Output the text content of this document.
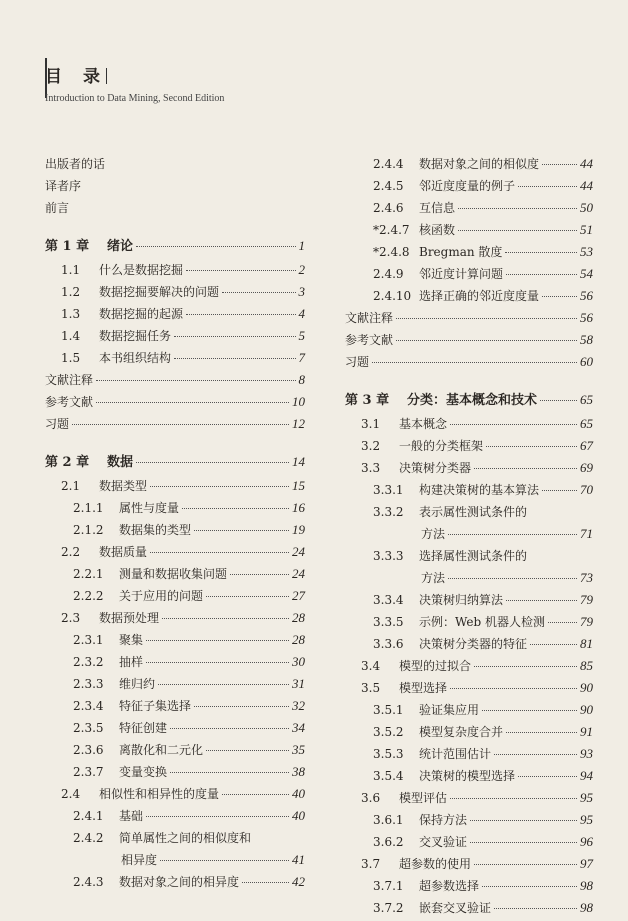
目　录
Introduction to Data Mining, Second Edition
出版者的话
译者序
前言
第 1 章 绪论	1
1.1 什么是数据挖掘	2
1.2 数据挖掘要解决的问题	3
1.3 数据挖掘的起源	4
1.4 数据挖掘任务	5
1.5 本书组织结构	7
文献注释	8
参考文献	10
习题	12
第 2 章 数据	14
2.1 数据类型	15
2.1.1 属性与度量	16
2.1.2 数据集的类型	19
2.2 数据质量	24
2.2.1 测量和数据收集问题	24
2.2.2 关于应用的问题	27
2.3 数据预处理	28
2.3.1 聚集	28
2.3.2 抽样	30
2.3.3 维归约	31
2.3.4 特征子集选择	32
2.3.5 特征创建	34
2.3.6 离散化和二元化	35
2.3.7 变量变换	38
2.4 相似性和相异性的度量	40
2.4.1 基础	40
2.4.2 简单属性之间的相似度和
相异度	41
2.4.3 数据对象之间的相异度	42
2.4.4 数据对象之间的相似度	44
2.4.5 邻近度度量的例子	44
2.4.6 互信息	50
*2.4.7 核函数	51
*2.4.8 Bregman 散度	53
2.4.9 邻近度计算问题	54
2.4.10 选择正确的邻近度度量	56
文献注释	56
参考文献	58
习题	60
第 3 章 分类：基本概念和技术	65
3.1 基本概念	65
3.2 一般的分类框架	67
3.3 决策树分类器	69
3.3.1 构建决策树的基本算法	70
3.3.2 表示属性测试条件的
方法	71
3.3.3 选择属性测试条件的
方法	73
3.3.4 决策树归纳算法	79
3.3.5 示例：Web 机器人检测	79
3.3.6 决策树分类器的特征	81
3.4 模型的过拟合	85
3.5 模型选择	90
3.5.1 验证集应用	90
3.5.2 模型复杂度合并	91
3.5.3 统计范围估计	93
3.5.4 决策树的模型选择	94
3.6 模型评估	95
3.6.1 保持方法	95
3.6.2 交叉验证	96
3.7 超参数的使用	97
3.7.1 超参数选择	98
3.7.2 嵌套交叉验证	98
